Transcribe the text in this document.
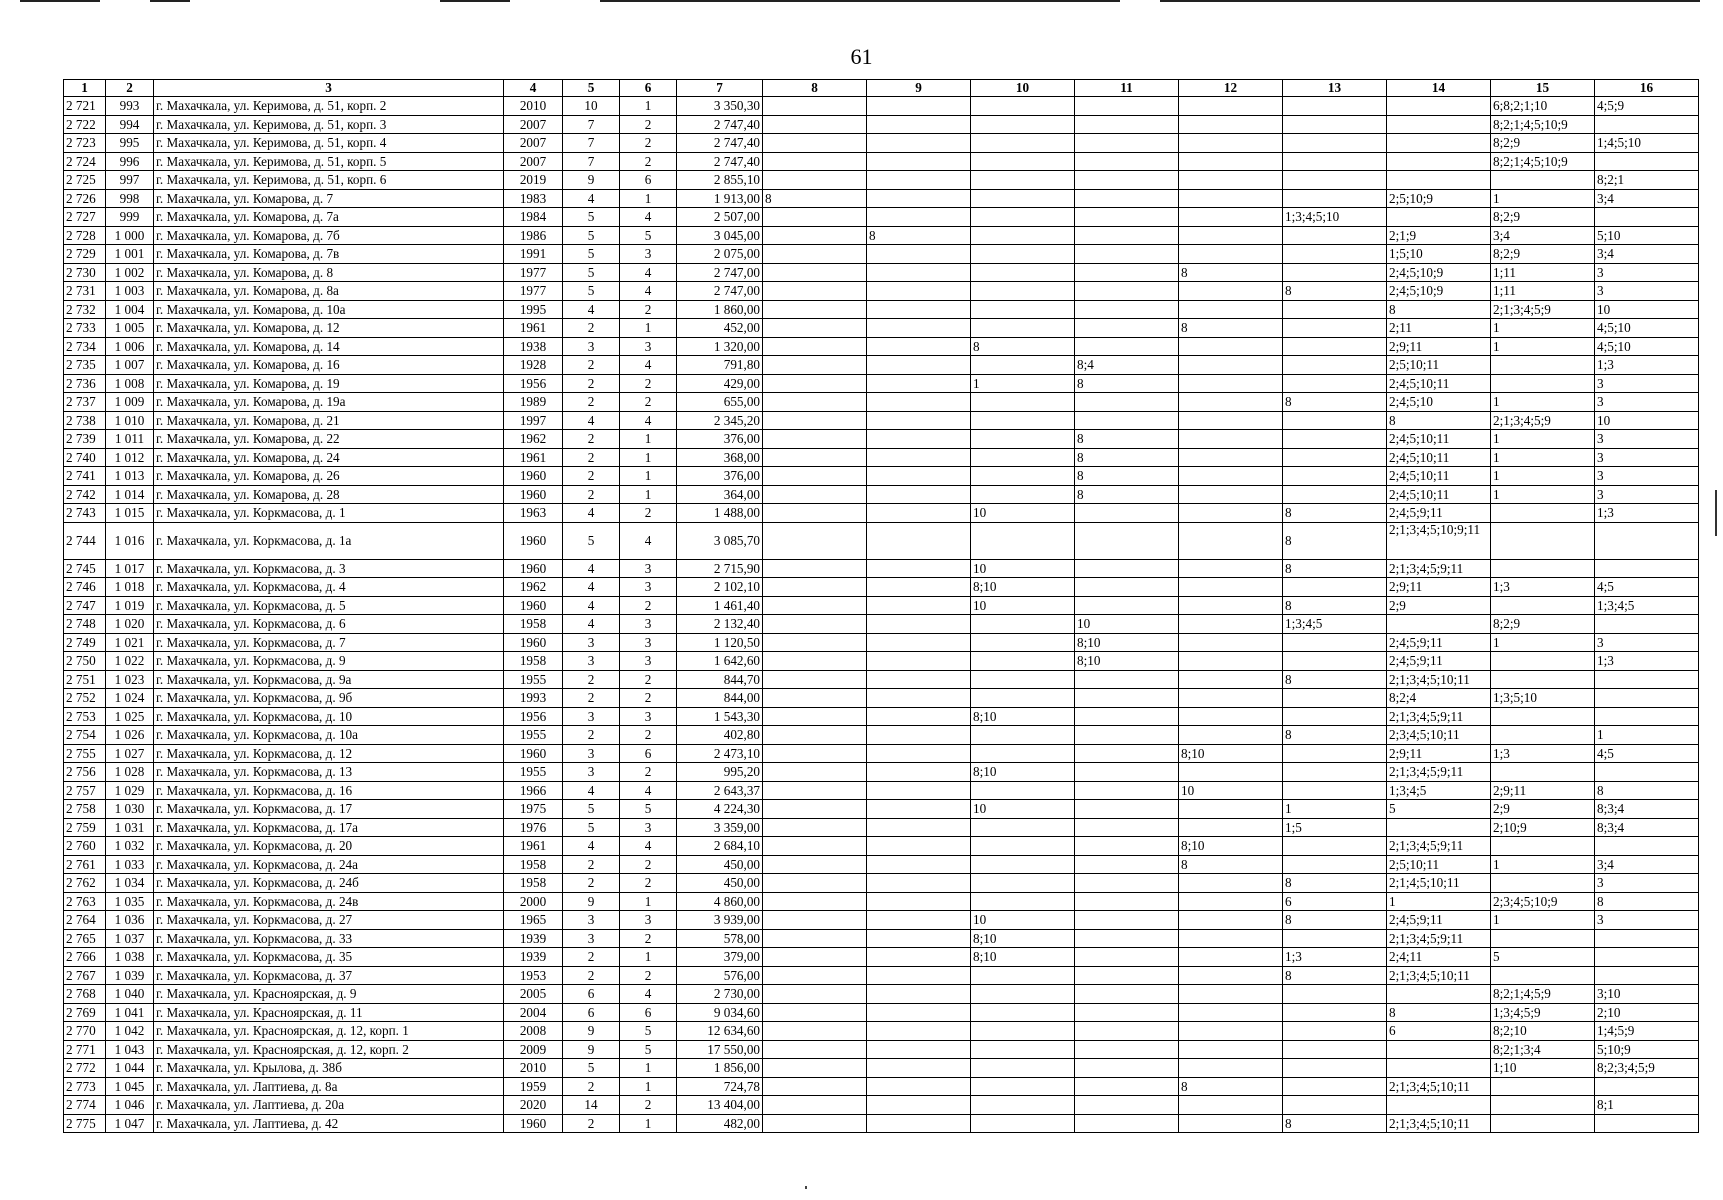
61
1	2	3	4	5	6	7	8	9	10	11	12	13	14	15	16
2 721	993	г. Махачкала, ул. Керимова, д. 51, корп. 2	2010	10	1	3 350,30								6;8;2;1;10	4;5;9
2 722	994	г. Махачкала, ул. Керимова, д. 51, корп. 3	2007	7	2	2 747,40								8;2;1;4;5;10;9	
2 723	995	г. Махачкала, ул. Керимова, д. 51, корп. 4	2007	7	2	2 747,40								8;2;9	1;4;5;10
2 724	996	г. Махачкала, ул. Керимова, д. 51, корп. 5	2007	7	2	2 747,40								8;2;1;4;5;10;9	
2 725	997	г. Махачкала, ул. Керимова, д. 51, корп. 6	2019	9	6	2 855,10									8;2;1
2 726	998	г. Махачкала, ул. Комарова, д. 7	1983	4	1	1 913,00	8						2;5;10;9	1	3;4
2 727	999	г. Махачкала, ул. Комарова, д. 7а	1984	5	4	2 507,00						1;3;4;5;10		8;2;9	
2 728	1 000	г. Махачкала, ул. Комарова, д. 7б	1986	5	5	3 045,00		8					2;1;9	3;4	5;10
2 729	1 001	г. Махачкала, ул. Комарова, д. 7в	1991	5	3	2 075,00							1;5;10	8;2;9	3;4
2 730	1 002	г. Махачкала, ул. Комарова, д. 8	1977	5	4	2 747,00					8		2;4;5;10;9	1;11	3
2 731	1 003	г. Махачкала, ул. Комарова, д. 8а	1977	5	4	2 747,00						8	2;4;5;10;9	1;11	3
2 732	1 004	г. Махачкала, ул. Комарова, д. 10а	1995	4	2	1 860,00							8	2;1;3;4;5;9	10
2 733	1 005	г. Махачкала, ул. Комарова, д. 12	1961	2	1	452,00					8		2;11	1	4;5;10
2 734	1 006	г. Махачкала, ул. Комарова, д. 14	1938	3	3	1 320,00			8				2;9;11	1	4;5;10
2 735	1 007	г. Махачкала, ул. Комарова, д. 16	1928	2	4	791,80				8;4			2;5;10;11		1;3
2 736	1 008	г. Махачкала, ул. Комарова, д. 19	1956	2	2	429,00			1	8			2;4;5;10;11		3
2 737	1 009	г. Махачкала, ул. Комарова, д. 19а	1989	2	2	655,00						8	2;4;5;10	1	3
2 738	1 010	г. Махачкала, ул. Комарова, д. 21	1997	4	4	2 345,20							8	2;1;3;4;5;9	10
2 739	1 011	г. Махачкала, ул. Комарова, д. 22	1962	2	1	376,00				8			2;4;5;10;11	1	3
2 740	1 012	г. Махачкала, ул. Комарова, д. 24	1961	2	1	368,00				8			2;4;5;10;11	1	3
2 741	1 013	г. Махачкала, ул. Комарова, д. 26	1960	2	1	376,00				8			2;4;5;10;11	1	3
2 742	1 014	г. Махачкала, ул. Комарова, д. 28	1960	2	1	364,00				8			2;4;5;10;11	1	3
2 743	1 015	г. Махачкала, ул. Коркмасова, д. 1	1963	4	2	1 488,00			10			8	2;4;5;9;11		1;3
2 744	1 016	г. Махачкала, ул. Коркмасова, д. 1а	1960	5	4	3 085,70						8	2;1;3;4;5;10;9;11		
2 745	1 017	г. Махачкала, ул. Коркмасова, д. 3	1960	4	3	2 715,90			10			8	2;1;3;4;5;9;11		
2 746	1 018	г. Махачкала, ул. Коркмасова, д. 4	1962	4	3	2 102,10			8;10				2;9;11	1;3	4;5
2 747	1 019	г. Махачкала, ул. Коркмасова, д. 5	1960	4	2	1 461,40			10			8	2;9		1;3;4;5
2 748	1 020	г. Махачкала, ул. Коркмасова, д. 6	1958	4	3	2 132,40				10		1;3;4;5		8;2;9	
2 749	1 021	г. Махачкала, ул. Коркмасова, д. 7	1960	3	3	1 120,50				8;10			2;4;5;9;11	1	3
2 750	1 022	г. Махачкала, ул. Коркмасова, д. 9	1958	3	3	1 642,60				8;10			2;4;5;9;11		1;3
2 751	1 023	г. Махачкала, ул. Коркмасова, д. 9а	1955	2	2	844,70						8	2;1;3;4;5;10;11		
2 752	1 024	г. Махачкала, ул. Коркмасова, д. 9б	1993	2	2	844,00							8;2;4	1;3;5;10	
2 753	1 025	г. Махачкала, ул. Коркмасова, д. 10	1956	3	3	1 543,30			8;10				2;1;3;4;5;9;11		
2 754	1 026	г. Махачкала, ул. Коркмасова, д. 10а	1955	2	2	402,80						8	2;3;4;5;10;11		1
2 755	1 027	г. Махачкала, ул. Коркмасова, д. 12	1960	3	6	2 473,10					8;10		2;9;11	1;3	4;5
2 756	1 028	г. Махачкала, ул. Коркмасова, д. 13	1955	3	2	995,20			8;10				2;1;3;4;5;9;11		
2 757	1 029	г. Махачкала, ул. Коркмасова, д. 16	1966	4	4	2 643,37					10		1;3;4;5	2;9;11	8
2 758	1 030	г. Махачкала, ул. Коркмасова, д. 17	1975	5	5	4 224,30			10			1	5	2;9	8;3;4
2 759	1 031	г. Махачкала, ул. Коркмасова, д. 17а	1976	5	3	3 359,00						1;5		2;10;9	8;3;4
2 760	1 032	г. Махачкала, ул. Коркмасова, д. 20	1961	4	4	2 684,10					8;10		2;1;3;4;5;9;11		
2 761	1 033	г. Махачкала, ул. Коркмасова, д. 24а	1958	2	2	450,00					8		2;5;10;11	1	3;4
2 762	1 034	г. Махачкала, ул. Коркмасова, д. 24б	1958	2	2	450,00						8	2;1;4;5;10;11		3
2 763	1 035	г. Махачкала, ул. Коркмасова, д. 24в	2000	9	1	4 860,00						6	1	2;3;4;5;10;9	8
2 764	1 036	г. Махачкала, ул. Коркмасова, д. 27	1965	3	3	3 939,00			10			8	2;4;5;9;11	1	3
2 765	1 037	г. Махачкала, ул. Коркмасова, д. 33	1939	3	2	578,00			8;10				2;1;3;4;5;9;11		
2 766	1 038	г. Махачкала, ул. Коркмасова, д. 35	1939	2	1	379,00			8;10			1;3	2;4;11	5	
2 767	1 039	г. Махачкала, ул. Коркмасова, д. 37	1953	2	2	576,00						8	2;1;3;4;5;10;11		
2 768	1 040	г. Махачкала, ул. Красноярская, д. 9	2005	6	4	2 730,00								8;2;1;4;5;9	3;10
2 769	1 041	г. Махачкала, ул. Красноярская, д. 11	2004	6	6	9 034,60							8	1;3;4;5;9	2;10
2 770	1 042	г. Махачкала, ул. Красноярская, д. 12, корп. 1	2008	9	5	12 634,60							6	8;2;10	1;4;5;9
2 771	1 043	г. Махачкала, ул. Красноярская, д. 12, корп. 2	2009	9	5	17 550,00								8;2;1;3;4	5;10;9
2 772	1 044	г. Махачкала, ул. Крылова, д. 38б	2010	5	1	1 856,00								1;10	8;2;3;4;5;9
2 773	1 045	г. Махачкала, ул. Лаптиева, д. 8а	1959	2	1	724,78					8		2;1;3;4;5;10;11		
2 774	1 046	г. Махачкала, ул. Лаптиева, д. 20а	2020	14	2	13 404,00									8;1
2 775	1 047	г. Махачкала, ул. Лаптиева, д. 42	1960	2	1	482,00						8	2;1;3;4;5;10;11		
